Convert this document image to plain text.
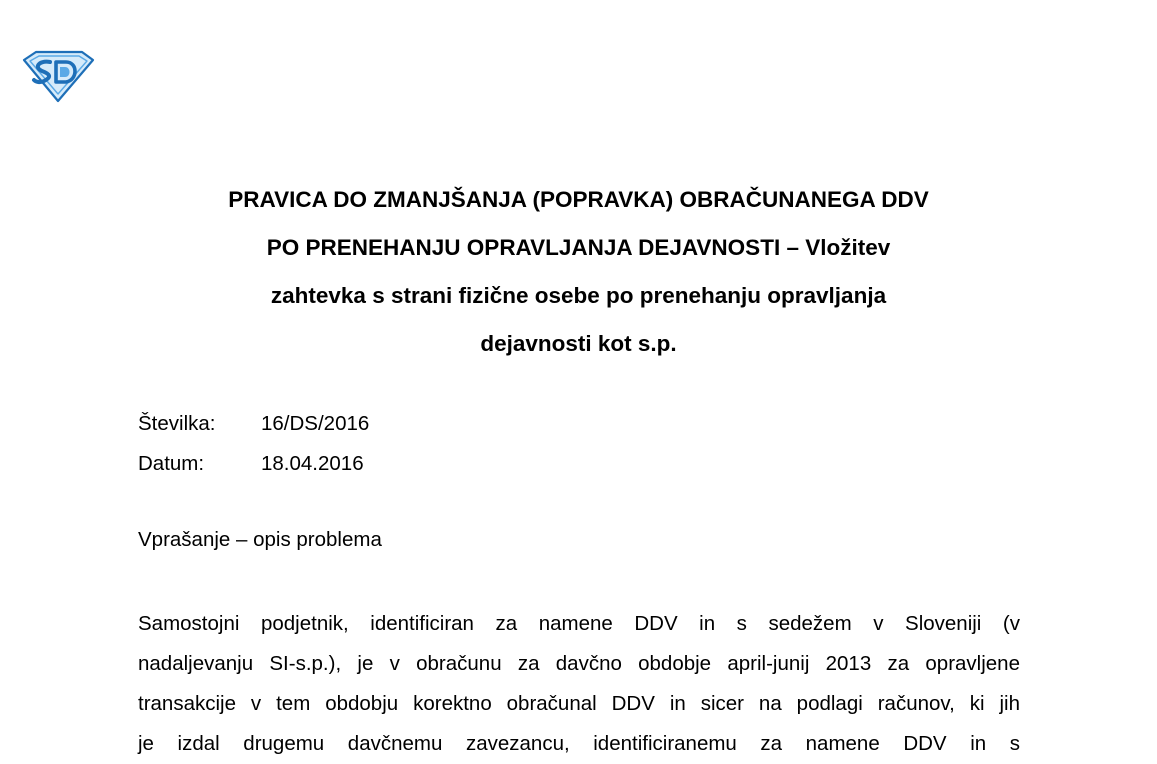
PRAVICA DO ZMANJŠANJA (POPRAVKA) OBRAČUNANEGA DDV
PO PRENEHANJU OPRAVLJANJA DEJAVNOSTI – Vložitev
zahtevka s strani fizične osebe po prenehanju opravljanja
dejavnosti kot s.p.
Številka:	16/DS/2016
Datum:	18.04.2016
Vprašanje – opis problema

Samostojni podjetnik, identificiran za namene DDV in s sedežem v Sloveniji (v
nadaljevanju SI-s.p.), je v obračunu za davčno obdobje april-junij 2013 za opravljene
transakcije v tem obdobju korektno obračunal DDV in sicer na podlagi računov, ki jih
je izdal drugemu davčnemu zavezancu, identificiranemu za namene DDV in s
